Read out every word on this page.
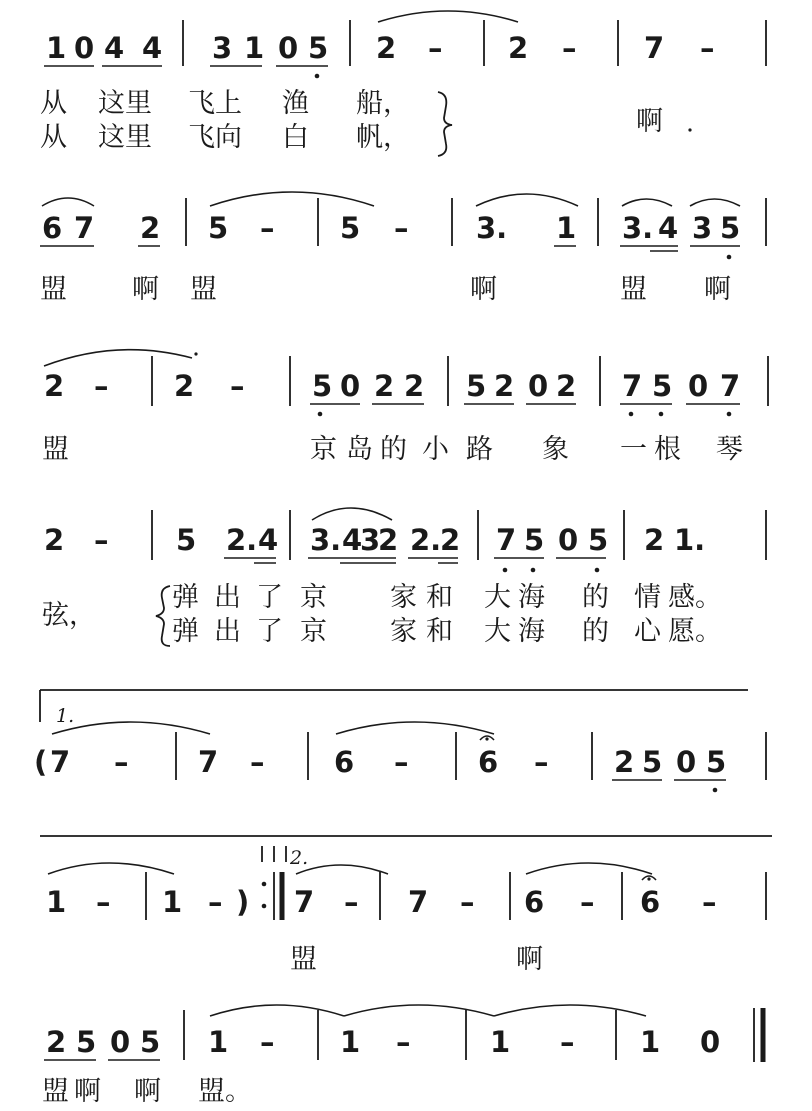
1 0 4 4 3 1 0 5 2 – 2 – 7 –
从 这里 飞上 渔 船，
从 这里 飞向 白 帆，
啊
6 7 2 5 – 5 – 3. 1 3. 4 3 5
盟 啊 盟	啊	盟 啊
2 – 2 – 5 0 2 2 5 2 0 2 7 5 0 7
盟	京 岛 的 小 路 象 一 根 琴
2 – 5 2. 4 3. 4
3
2 2.
2 7 5 0 5 2 1.
弦，
弹 出 了 京 家 和 大 海 的 情 感。
弹 出 了 京 家 和 大 海 的 心 愿。
1.
( 7 – 7 – 6 – 6 – 2 5 0 5
2.
1 – 1 – ) 7 – 7 – 6 – 6 –
盟	啊
2 5 0 5 1 – 1 –	1 – 1 0
盟 啊 啊 盟。
